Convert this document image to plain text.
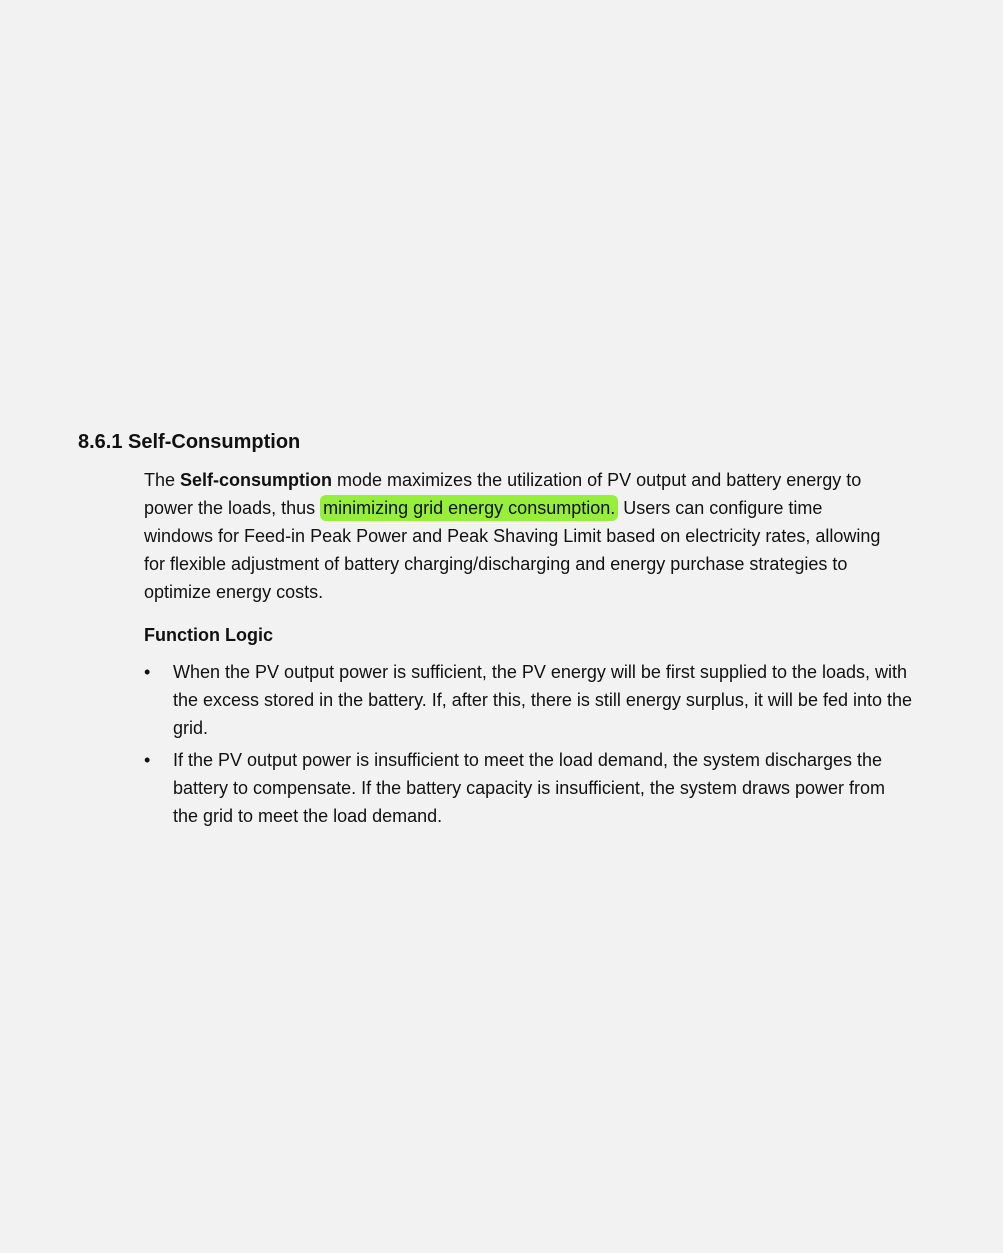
8.6.1 Self-Consumption

The Self-consumption mode maximizes the utilization of PV output and battery energy to power the loads, thus minimizing grid energy consumption. Users can configure time windows for Feed-in Peak Power and Peak Shaving Limit based on electricity rates, allowing for flexible adjustment of battery charging/discharging and energy purchase strategies to optimize energy costs.

Function Logic
• When the PV output power is sufficient, the PV energy will be first supplied to the loads, with the excess stored in the battery. If, after this, there is still energy surplus, it will be fed into the grid.
• If the PV output power is insufficient to meet the load demand, the system discharges the battery to compensate. If the battery capacity is insufficient, the system draws power from the grid to meet the load demand.
